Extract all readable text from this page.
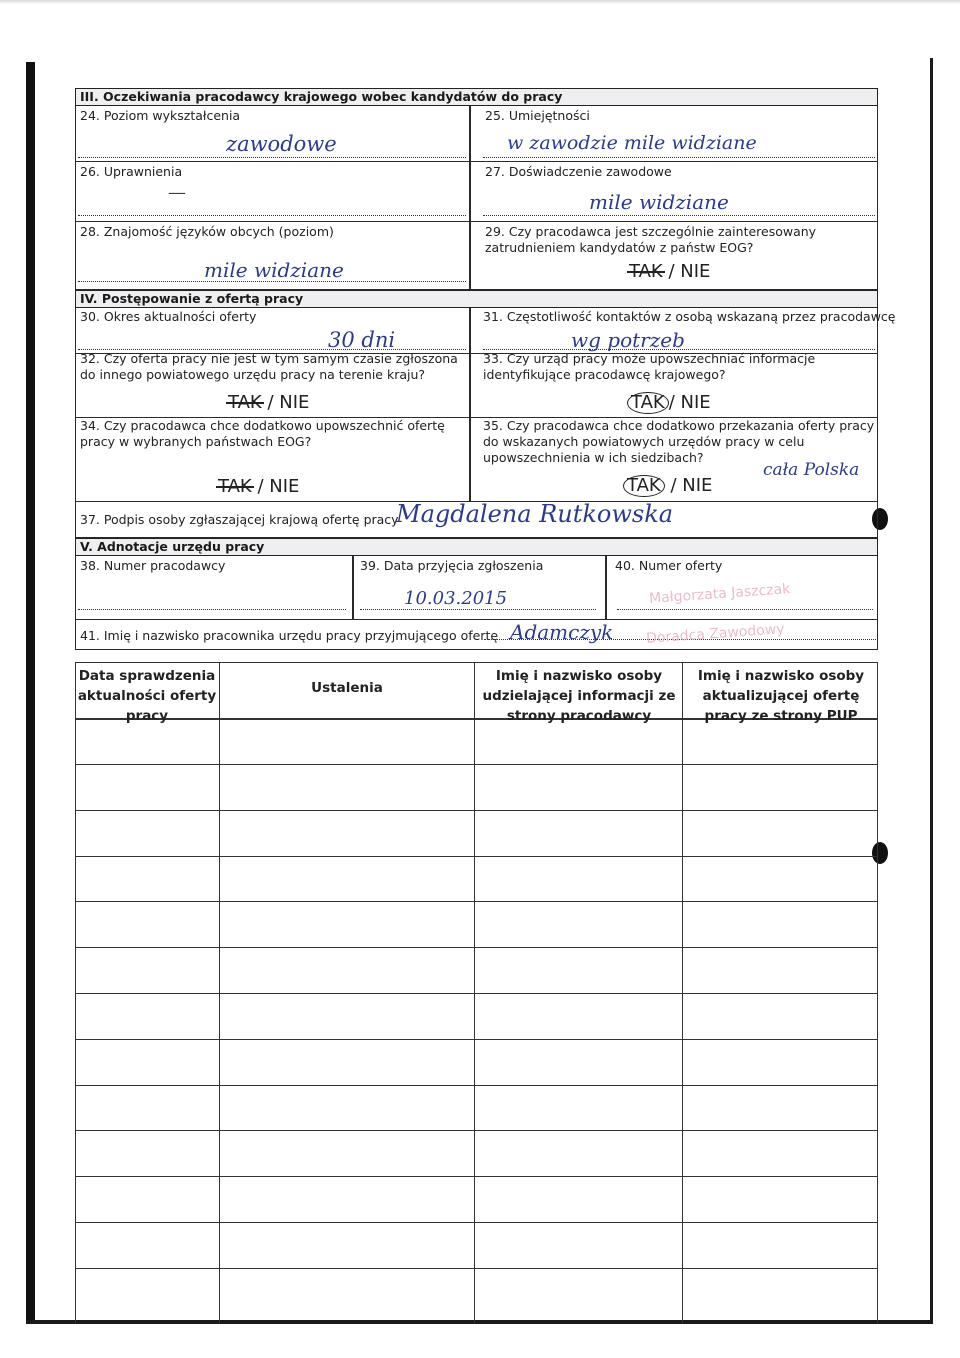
III. Oczekiwania pracodawcy krajowego wobec kandydatów do pracy
24. Poziom wykształcenia
zawodowe
25. Umiejętności
w zawodzie mile widziane
26. Uprawnienia
—
27. Doświadczenie zawodowe
mile widziane
28. Znajomość języków obcych (poziom)
mile widziane
29. Czy pracodawca jest szczególnie zainteresowany zatrudnieniem kandydatów z państw EOG?
TAK / NIE
IV. Postępowanie z ofertą pracy
30. Okres aktualności oferty
30 dni
31. Częstotliwość kontaktów z osobą wskazaną przez pracodawcę
wg potrzeb
32. Czy oferta pracy nie jest w tym samym czasie zgłoszona do innego powiatowego urzędu pracy na terenie kraju?
TAK / NIE
33. Czy urząd pracy może upowszechniać informacje identyfikujące pracodawcę krajowego?
TAK / NIE
34. Czy pracodawca chce dodatkowo upowszechnić ofertę pracy w wybranych państwach EOG?
TAK / NIE
35. Czy pracodawca chce dodatkowo przekazania oferty pracy do wskazanych powiatowych urzędów pracy w celu upowszechnienia w ich siedzibach?
TAK / NIE
cała Polska
37. Podpis osoby zgłaszającej krajową ofertę pracy
Magdalena Rutkowska
V. Adnotacje urzędu pracy
38. Numer pracodawcy	39. Data przyjęcia zgłoszenia
10.03.2015
40. Numer oferty
Małgorzata Jaszczak
41. Imię i nazwisko pracownika urzędu pracy przyjmującego ofertę Adamczyk Doradca Zawodowy
Data sprawdzenia aktualności oferty pracy
Ustalenia
Imię i nazwisko osoby udzielającej informacji ze strony pracodawcy
Imię i nazwisko osoby aktualizującej ofertę pracy ze strony PUP
